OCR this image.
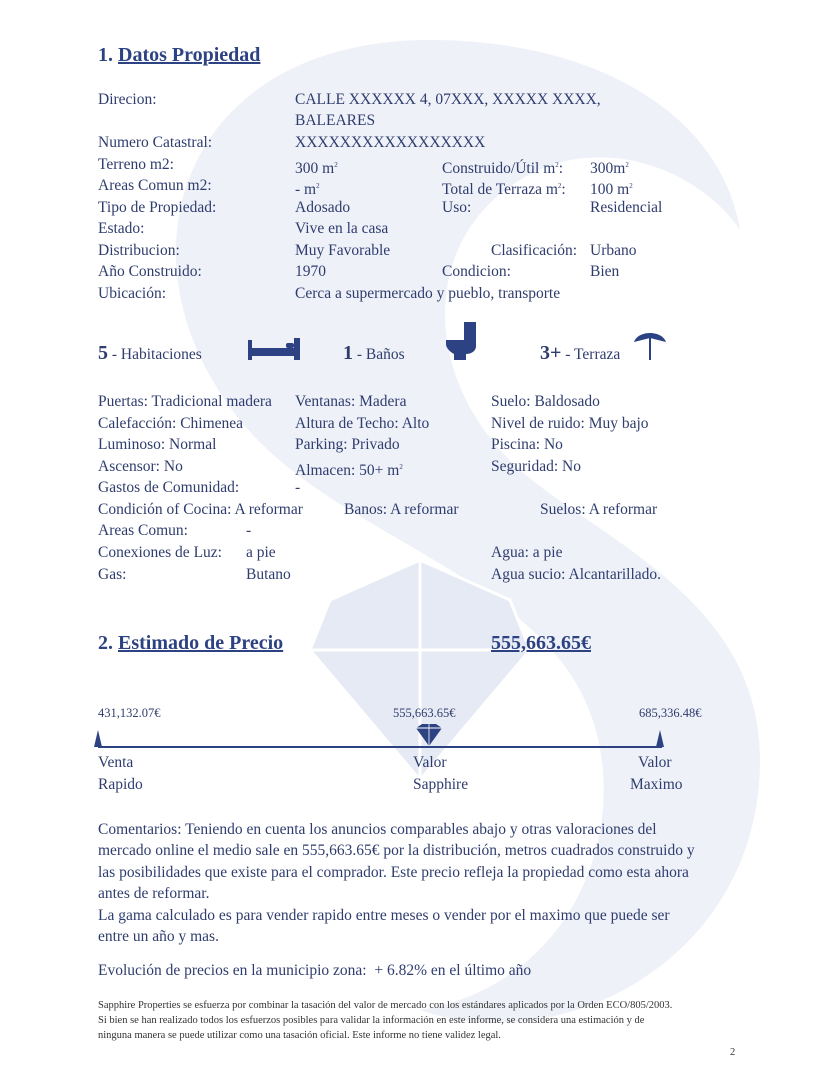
1. Datos Propiedad
Direcion:	CALLE XXXXXX 4, 07XXX, XXXXX XXXX,
BALEARES
Numero Catastral:	XXXXXXXXXXXXXXXXX
Terreno m2:	300 $m^2$	Construido/Útil $m^2$: $300m^2$
Areas Comun m2:	- $m^2$	Total de Terraza $m^2$: 100 $m^2$
Tipo de Propiedad:	Adosado	Uso:	Residencial
Estado:	Vive en la casa
Distribucion:	Muy Favorable	Clasificación: Urbano
Año Construido:	1970	Condicion:	Bien
Ubicación:	Cerca a supermercado y pueblo, transporte
5 - Habitaciones	1 - Baños	3+ - Terraza
Puertas: Tradicional madera Ventanas: Madera	Suelo: Baldosado
Calefacción: Chimenea	Altura de Techo: Alto	Nivel de ruido: Muy bajo
Luminoso: Normal	Parking: Privado	Piscina: No
Ascensor: No	Almacen: $50+ m^2$	Seguridad: No
Gastos de Comunidad:	-
Condición of Cocina: A reformar	Banos: A reformar	Suelos: A reformar
Areas Comun:	-
Conexiones de Luz: a pie	Agua: a pie
Gas:	Butano	Agua sucio: Alcantarillado.
2. Estimado de Precio	555,663.65€
431,132.07€	555,663.65€	685,336.48€
Venta
Rapido
Valor
Sapphire
Valor
Maximo
Comentarios: Teniendo en cuenta los anuncios comparables abajo y otras valoraciones del
mercado online el medio sale en 555,663.65€ por la distribución, metros cuadrados construido y
las posibilidades que existe para el comprador. Este precio refleja la propiedad como esta ahora
antes de reformar.
La gama calculado es para vender rapido entre meses o vender por el maximo que puede ser
entre un año y mas.
Evolución de precios en la municipio zona: + 6.82% en el último año
Sapphire Properties se esfuerza por combinar la tasación del valor de mercado con los estándares aplicados por la Orden ECO/805/2003.
Si bien se han realizado todos los esfuerzos posibles para validar la información en este informe, se considera una estimación y de
ninguna manera se puede utilizar como una tasación oficial. Este informe no tiene validez legal.
2
